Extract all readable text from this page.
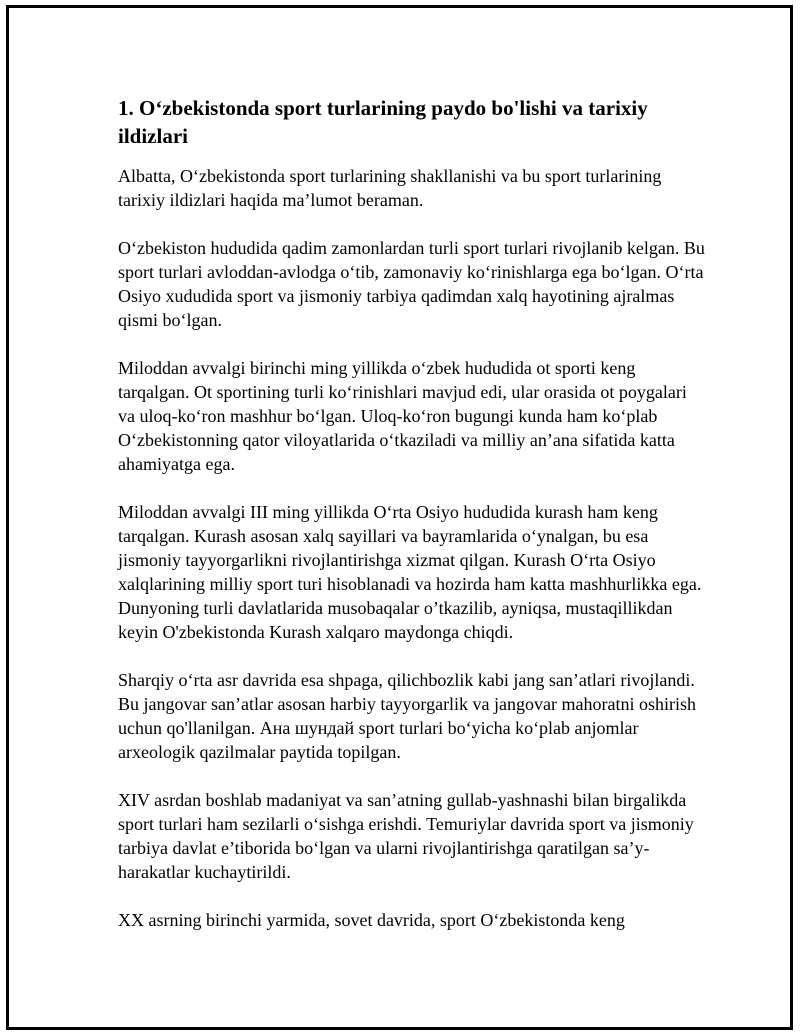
1. O‘zbekistonda sport turlarining paydo bo'lishi va tarixiy ildizlari

Albatta, O‘zbekistonda sport turlarining shakllanishi va bu sport turlarining tarixiy ildizlari haqida ma’lumot beraman.

O‘zbekiston hududida qadim zamonlardan turli sport turlari rivojlanib kelgan. Bu sport turlari avloddan-avlodga o‘tib, zamonaviy ko‘rinishlarga ega bo‘lgan. O‘rta Osiyo xududida sport va jismoniy tarbiya qadimdan xalq hayotining ajralmas qismi bo‘lgan.

Miloddan avvalgi birinchi ming yillikda o‘zbek hududida ot sporti keng tarqalgan. Ot sportining turli ko‘rinishlari mavjud edi, ular orasida ot poygalari va uloq-ko‘ron mashhur bo‘lgan. Uloq-ko‘ron bugungi kunda ham ko‘plab O‘zbekistonning qator viloyatlarida o‘tkaziladi va milliy an’ana sifatida katta ahamiyatga ega.

Miloddan avvalgi III ming yillikda O‘rta Osiyo hududida kurash ham keng tarqalgan. Kurash asosan xalq sayillari va bayramlarida o‘ynalgan, bu esa jismoniy tayyorgarlikni rivojlantirishga xizmat qilgan. Kurash O‘rta Osiyo xalqlarining milliy sport turi hisoblanadi va hozirda ham katta mashhurlikka ega. Dunyoning turli davlatlarida musobaqalar o’tkazilib, ayniqsa, mustaqillikdan keyin O'zbekistonda Kurash xalqaro maydonga chiqdi.

Sharqiy o‘rta asr davrida esa shpaga, qilichbozlik kabi jang san’atlari rivojlandi. Bu jangovar san’atlar asosan harbiy tayyorgarlik va jangovar mahoratni oshirish uchun qo'llanilgan. Ана шундай sport turlari bo‘yicha ko‘plab anjomlar arxeologik qazilmalar paytida topilgan.

XIV asrdan boshlab madaniyat va san’atning gullab-yashnashi bilan birgalikda sport turlari ham sezilarli o‘sishga erishdi. Temuriylar davrida sport va jismoniy tarbiya davlat e’tiborida bo‘lgan va ularni rivojlantirishga qaratilgan sa’y-harakatlar kuchaytirildi.

XX asrning birinchi yarmida, sovet davrida, sport O‘zbekistonda keng
